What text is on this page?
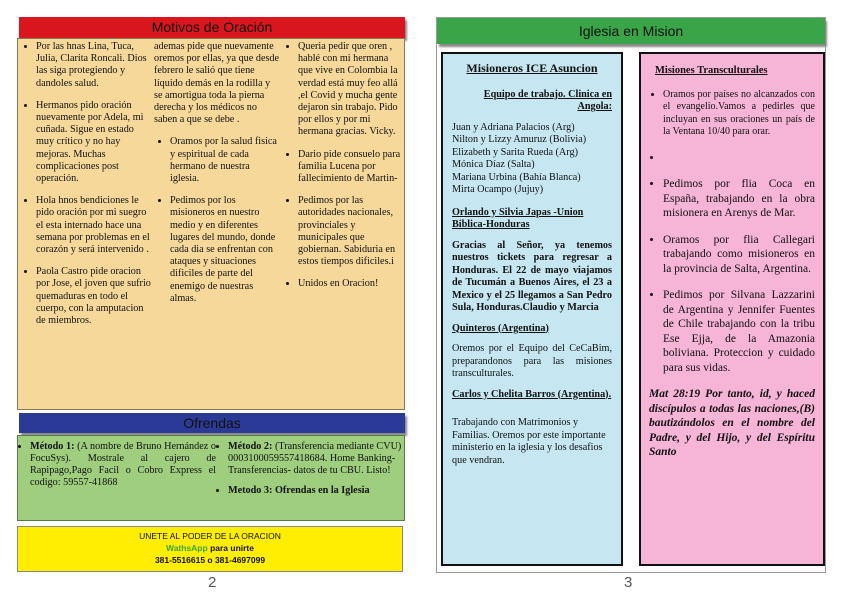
Motivos de Oración
• Por las hnas Lina, Tuca, Julia, Clarita Roncali. Dios las siga protegiendo y dandoles salud.
• Hermanos pido oración nuevamente por Adela, mi cuñada. Sigue en estado muy crítico y no hay mejoras. Muchas complicaciones post operación.
• Hola hnos bendiciones le pido oración por mi suegro el esta internado hace una semana por problemas en el corazón y será intervenido .
• Paola Castro pide oracion por Jose, el joven que sufrio quemaduras en todo el cuerpo, con la amputacion de miembros.

ademas pide que nuevamente oremos por ellas, ya que desde febrero le salió que tiene líquido demás en la rodilla y se amortigua toda la pierna derecha y los médicos no saben a que se debe .

• Oramos por la salud fisica y espiritual de cada hermano de nuestra iglesia.
• Pedimos por los misioneros en nuestro medio y en diferentes lugares del mundo, donde cada dia se enfrentan con ataques y situaciones dificiles de parte del enemigo de nuestras almas.
• Queria pedir que oren , hablé con mi hermana que vive en Colombia la verdad está muy feo allá ,el Covid y mucha gente dejaron sin trabajo. Pido por ellos y por mi hermana gracias. Vicky.
• Dario pide consuelo para familia Lucena por fallecimiento de Martin-
• Pedimos por las autoridades nacionales, provinciales y municipales que gobiernan. Sabiduria en estos tiempos dificiles.i
• Unidos en Oracion!
Ofrendas
• Método 1: (A nombre de Bruno Hernández o FocuSys). Mostrale al cajero de Rapipago,Pago Facil o Cobro Express el codigo: 59557-41868
• Método 2: (Transferencia mediante CVU) 0003100059557418684. Home Banking- Transferencias- datos de tu CBU. Listo!
• Metodo 3: Ofrendas en la Iglesia
UNETE AL PODER DE LA ORACION
WathsApp para unirte
381-5516615 o 381-4697099
2
Iglesia en Mision

Misioneros ICE Asuncion

Equipo de trabajo. Clinica en Angola:

Juan y Adriana Palacios (Arg)
Nilton y Lizzy Amuruz (Bolivia)
Elizabeth y Sarita Rueda (Arg)
Mónica Díaz (Salta)
Mariana Urbina (Bahía Blanca)
Mirta Ocampo (Jujuy)

Orlando y Silvia Japas -Union Biblica-Honduras

Gracias al Señor, ya tenemos nuestros tickets para regresar a Honduras. El 22 de mayo viajamos de Tucumán a Buenos Aires, el 23 a Mexico y el 25 llegamos a San Pedro Sula, Honduras.Claudio y Marcia

Quinteros (Argentina)

Oremos por el Equipo del CeCaBim, preparandonos para las misiones transculturales.

Carlos y Chelita Barros (Argentina).

Trabajando con Matrimonios y Familias. Oremos por este importante ministerio en la iglesia y los desafios que vendran.

Misiones Transculturales
• Oramos por países no alcanzados con el evangelio.Vamos a pedirles que incluyan en sus oraciones un país de la Ventana 10/40 para orar.
•
• Pedimos por flia Coca en España, trabajando en la obra misionera en Arenys de Mar.
• Oramos por flia Callegari trabajando como misioneros en la provincia de Salta, Argentina.
• Pedimos por Silvana Lazzarini de Argentina y Jennifer Fuentes de Chile trabajando con la tribu Ese Ejja, de la Amazonia boliviana. Proteccion y cuidado para sus vidas.
Mat 28:19 Por tanto, id, y haced discípulos a todas las naciones,(B) bautizándolos en el nombre del Padre, y del Hijo, y del Espíritu Santo
3
